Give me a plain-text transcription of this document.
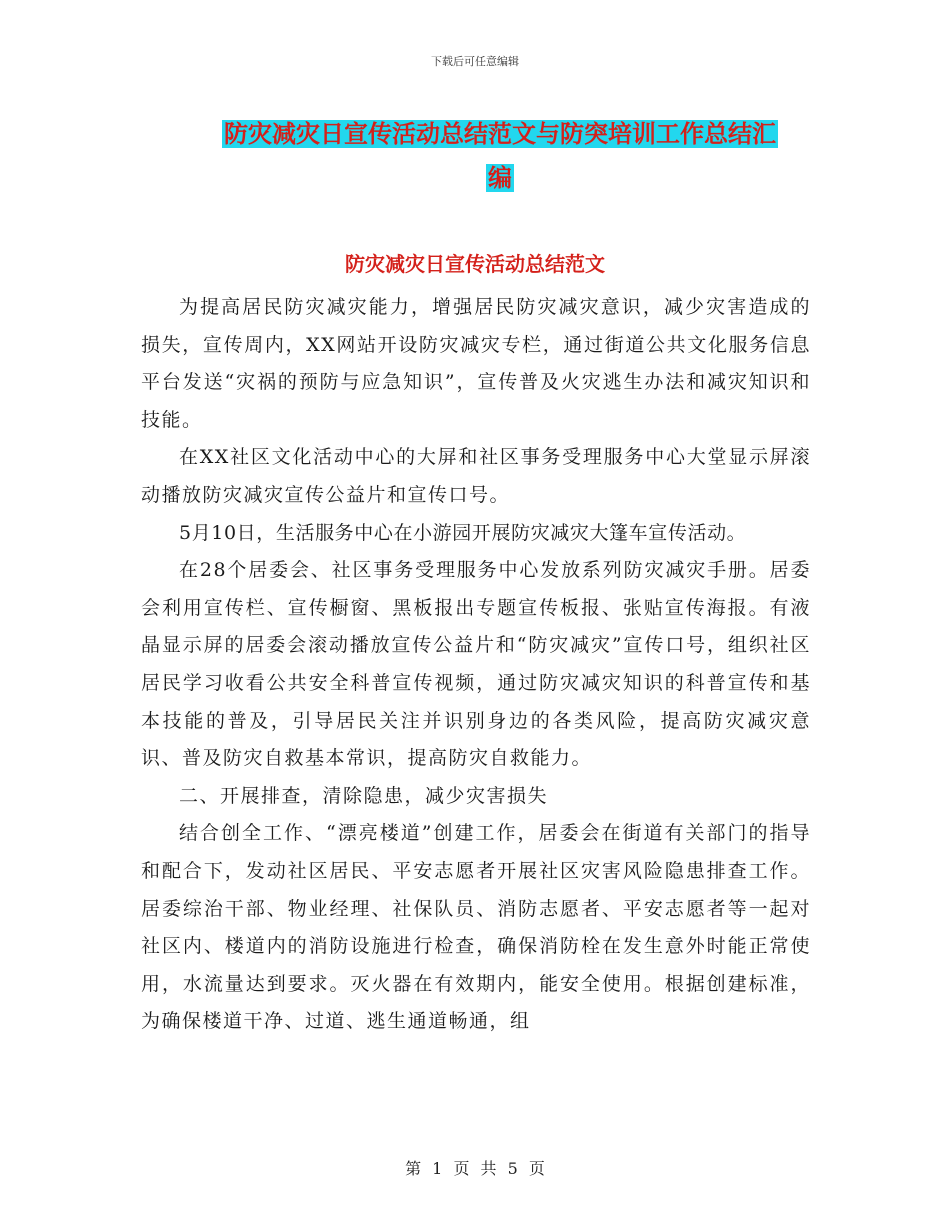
下载后可任意编辑
防灾减灾日宣传活动总结范文与防突培训工作总结汇
编
防灾减灾日宣传活动总结范文

为提高居民防灾减灾能力，增强居民防灾减灾意识，减少灾害造成的损失，宣传周内，XX网站开设防灾减灾专栏，通过街道公共文化服务信息平台发送“灾祸的预防与应急知识”，宣传普及火灾逃生办法和减灾知识和技能。

在XX社区文化活动中心的大屏和社区事务受理服务中心大堂显示屏滚动播放防灾减灾宣传公益片和宣传口号。

5月10日，生活服务中心在小游园开展防灾减灾大篷车宣传活动。

在28个居委会、社区事务受理服务中心发放系列防灾减灾手册。居委会利用宣传栏、宣传橱窗、黑板报出专题宣传板报、张贴宣传海报。有液晶显示屏的居委会滚动播放宣传公益片和“防灾减灾”宣传口号，组织社区居民学习收看公共安全科普宣传视频，通过防灾减灾知识的科普宣传和基本技能的普及，引导居民关注并识别身边的各类风险，提高防灾减灾意识、普及防灾自救基本常识，提高防灾自救能力。

二、开展排查，清除隐患，减少灾害损失

结合创全工作、“漂亮楼道”创建工作，居委会在街道有关部门的指导和配合下，发动社区居民、平安志愿者开展社区灾害风险隐患排查工作。居委综治干部、物业经理、社保队员、消防志愿者、平安志愿者等一起对社区内、楼道内的消防设施进行检查，确保消防栓在发生意外时能正常使用，水流量达到要求。灭火器在有效期内，能安全使用。根据创建标准，为确保楼道干净、过道、逃生通道畅通，组

第 1 页 共 5 页
